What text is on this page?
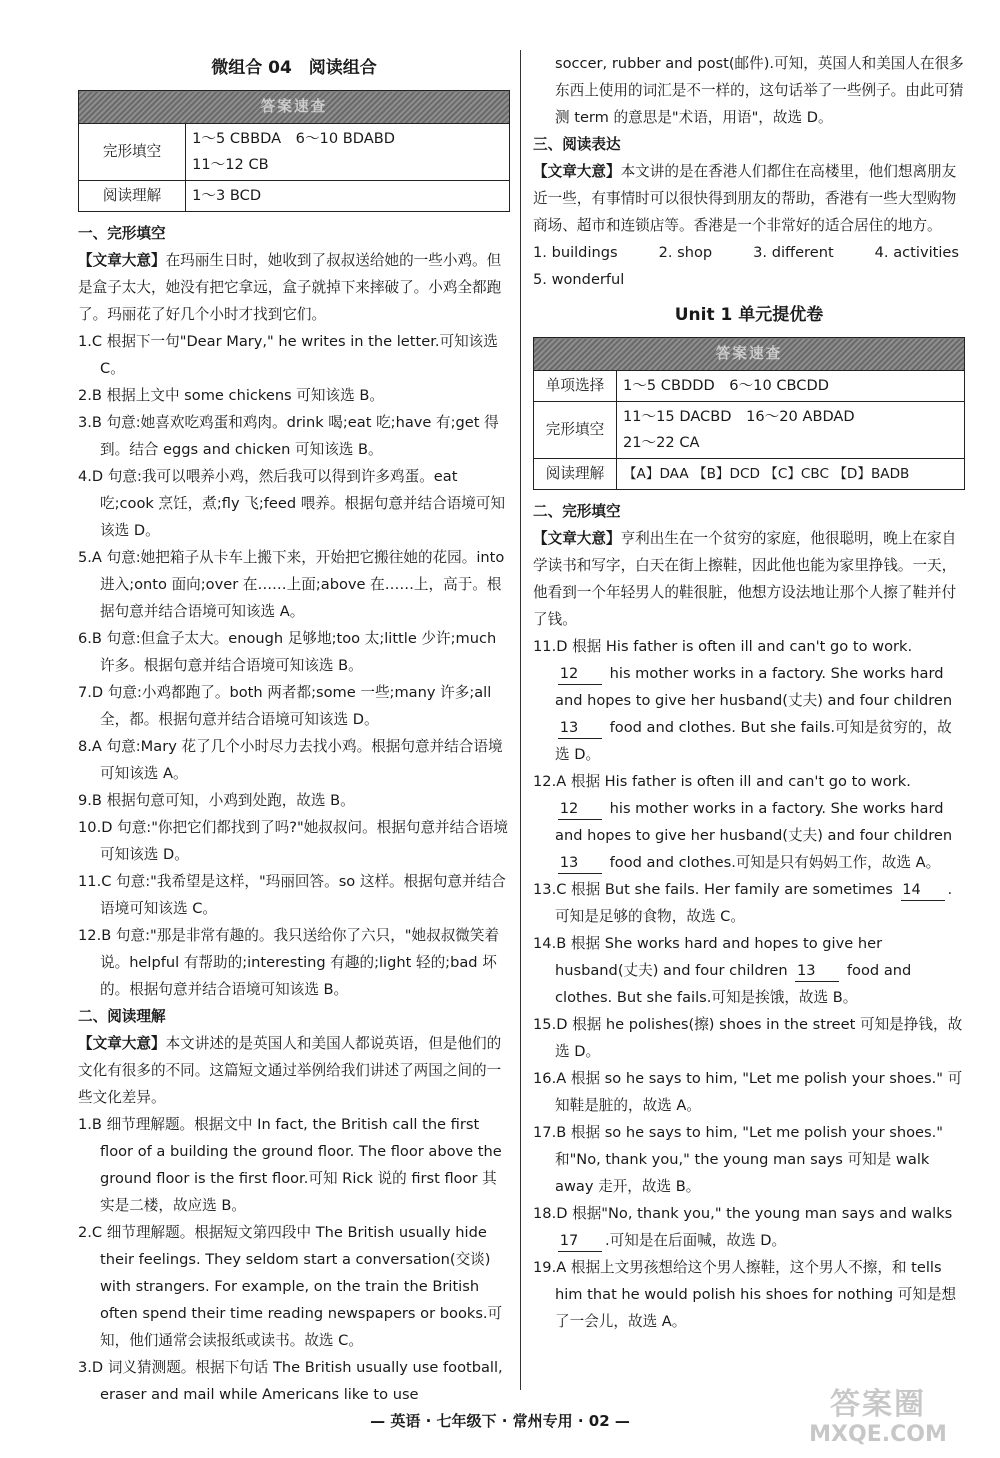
微组合 04　阅读组合
答案速查	
完形填空	1～5 CBBDA　6～10 BDABD
11～12 CB

阅读理解	1～3 BCD
一、完形填空
【文章大意】在玛丽生日时，她收到了叔叔送给她的一些小鸡。但是盒子太大，她没有把它拿远，盒子就掉下来摔破了。小鸡全都跑了。玛丽花了好几个小时才找到它们。
1.C 根据下一句"Dear Mary," he writes in the letter.可知该选 C。
2.B 根据上文中 some chickens 可知该选 B。
3.B 句意:她喜欢吃鸡蛋和鸡肉。drink 喝;eat 吃;have 有;get 得到。结合 eggs and chicken 可知该选 B。
4.D 句意:我可以喂养小鸡，然后我可以得到许多鸡蛋。eat 吃;cook 烹饪，煮;fly 飞;feed 喂养。根据句意并结合语境可知该选 D。
5.A 句意:她把箱子从卡车上搬下来，开始把它搬往她的花园。into 进入;onto 面向;over 在……上面;above 在……上，高于。根据句意并结合语境可知该选 A。
6.B 句意:但盒子太大。enough 足够地;too 太;little 少许;much 许多。根据句意并结合语境可知该选 B。
7.D 句意:小鸡都跑了。both 两者都;some 一些;many 许多;all 全，都。根据句意并结合语境可知该选 D。
8.A 句意:Mary 花了几个小时尽力去找小鸡。根据句意并结合语境可知该选 A。
9.B 根据句意可知，小鸡到处跑，故选 B。
10.D 句意:"你把它们都找到了吗?"她叔叔问。根据句意并结合语境可知该选 D。
11.C 句意:"我希望是这样，"玛丽回答。so 这样。根据句意并结合语境可知该选 C。
12.B 句意:"那是非常有趣的。我只送给你了六只，"她叔叔微笑着说。helpful 有帮助的;interesting 有趣的;light 轻的;bad 坏的。根据句意并结合语境可知该选 B。
二、阅读理解
【文章大意】本文讲述的是英国人和美国人都说英语，但是他们的文化有很多的不同。这篇短文通过举例给我们讲述了两国之间的一些文化差异。
1.B 细节理解题。根据文中 In fact, the British call the first floor of a building the ground floor. The floor above the ground floor is the first floor.可知 Rick 说的 first floor 其实是二楼，故应选 B。
2.C 细节理解题。根据短文第四段中 The British usually hide their feelings. They seldom start a conversation(交谈) with strangers. For example, on the train the British often spend their time reading newspapers or books.可知，他们通常会读报纸或读书。故选 C。
3.D 词义猜测题。根据下句话 The British usually use football, eraser and mail while Americans like to use
soccer, rubber and post(邮件).可知，英国人和美国人在很多东西上使用的词汇是不一样的，这句话举了一些例子。由此可猜测 term 的意思是"术语，用语"，故选 D。
三、阅读表达
【文章大意】本文讲的是在香港人们都住在高楼里，他们想离朋友近一些，有事情时可以很快得到朋友的帮助，香港有一些大型购物商场、超市和连锁店等。香港是一个非常好的适合居住的地方。
1. buildings	2. shop	3. different	4. activities
5. wonderful
Unit 1 单元提优卷
答案速查	
单项选择	1～5 CBDDD　6～10 CBCDD

完形填空	11～15 DACBD　16～20 ABDAD
21～22 CA

阅读理解	【A】DAA 【B】DCD 【C】CBC 【D】BADB
二、完形填空
【文章大意】亨利出生在一个贫穷的家庭，他很聪明，晚上在家自学读书和写字，白天在街上擦鞋，因此他也能为家里挣钱。一天，他看到一个年轻男人的鞋很脏，他想方设法地让那个人擦了鞋并付了钱。
11.D 根据 His father is often ill and can't go to work. 12 his mother works in a factory. She works hard and hopes to give her husband(丈夫) and four children 13 food and clothes. But she fails.可知是贫穷的，故选 D。
12.A 根据 His father is often ill and can't go to work. 12 his mother works in a factory. She works hard and hopes to give her husband(丈夫) and four children 13 food and clothes.可知是只有妈妈工作，故选 A。
13.C 根据 But she fails. Her family are sometimes 14 .可知是足够的食物，故选 C。
14.B 根据 She works hard and hopes to give her husband(丈夫) and four children 13 food and clothes. But she fails.可知是挨饿，故选 B。
15.D 根据 he polishes(擦) shoes in the street 可知是挣钱，故选 D。
16.A 根据 so he says to him, "Let me polish your shoes." 可知鞋是脏的，故选 A。
17.B 根据 so he says to him, "Let me polish your shoes." 和"No, thank you," the young man says 可知是 walk away 走开，故选 B。
18.D 根据"No, thank you," the young man says and walks 17 .可知是在后面喊，故选 D。
19.A 根据上文男孩想给这个男人擦鞋，这个男人不擦，和 tells him that he would polish his shoes for nothing 可知是想了一会儿，故选 A。
— 英语 · 七年级下 · 常州专用 · 02 —	答案圈
MXQE.COM
